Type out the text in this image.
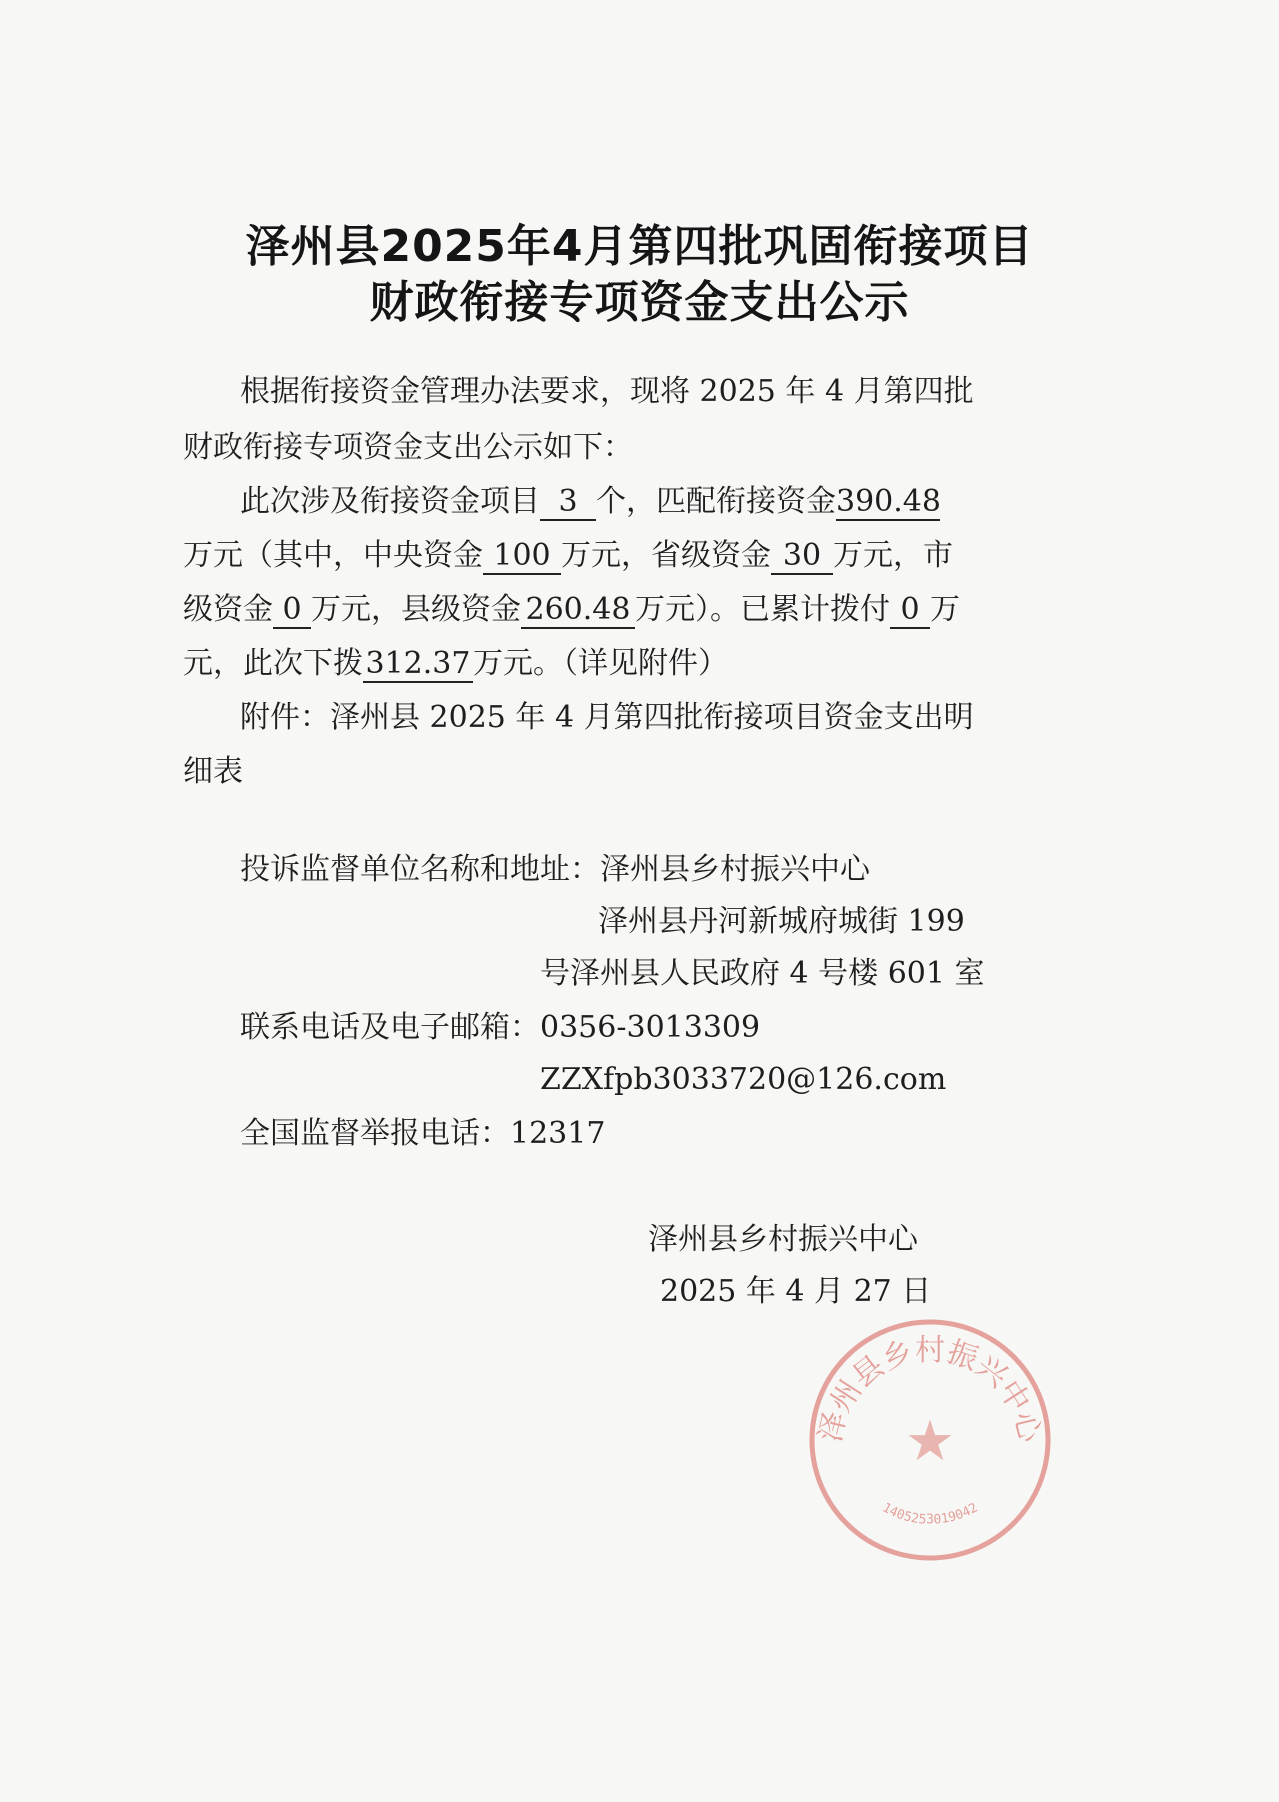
泽州县2025年4月第四批巩固衔接项目
财政衔接专项资金支出公示
根据衔接资金管理办法要求，现将 2025 年 4 月第四批
财政衔接专项资金支出公示如下：
此次涉及衔接资金项目 3 个，匹配衔接资金390.48
万元（其中，中央资金 100 万元，省级资金 30 万元，市
级资金 0 万元，县级资金 260.48 万元）。已累计拨付 0 万
元，此次下拨312.37万元。（详见附件）
附件：泽州县 2025 年 4 月第四批衔接项目资金支出明
细表
投诉监督单位名称和地址：泽州县乡村振兴中心
泽州县丹河新城府城街 199
号泽州县人民政府 4 号楼 601 室
联系电话及电子邮箱：0356-3013309
ZZXfpb3033720@126.com
全国监督举报电话：12317
泽州县乡村振兴中心
★
1405253019042
泽州县乡村振兴中心
2025 年 4 月 27 日
